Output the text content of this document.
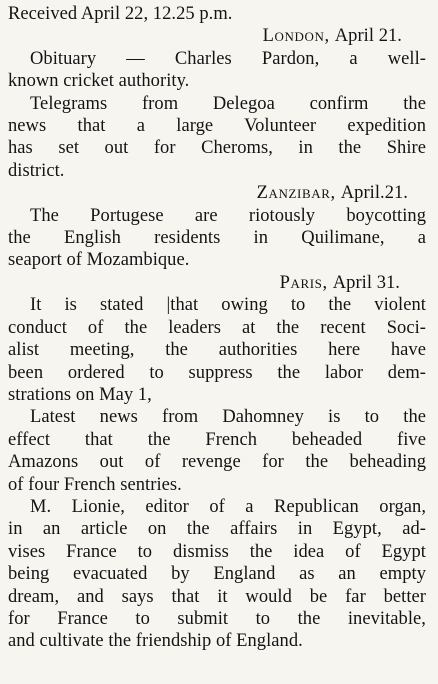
Received April 22, 12.25 p.m.

London, April 21.

Obituary — Charles Pardon, a well-
known cricket authority.
Telegrams from Delegoa confirm the
news that a large Volunteer expedition
has set out for Cheroms, in the Shire
district.

Zanzibar, April.21.

The Portugese are riotously boycotting
the English residents in Quilimane, a
seaport of Mozambique.

Paris, April 31.

It is stated |that owing to the violent
conduct of the leaders at the recent Soci-
alist meeting, the authorities here have
been ordered to suppress the labor dem-
strations on May 1,
Latest news from Dahomney is to the
effect that the French beheaded five
Amazons out of revenge for the beheading
of four French sentries.
M. Lionie, editor of a Republican organ,
in an article on the affairs in Egypt, ad-
vises France to dismiss the idea of Egypt
being evacuated by England as an empty
dream, and says that it would be far better
for France to submit to the inevitable,
and cultivate the friendship of England.
